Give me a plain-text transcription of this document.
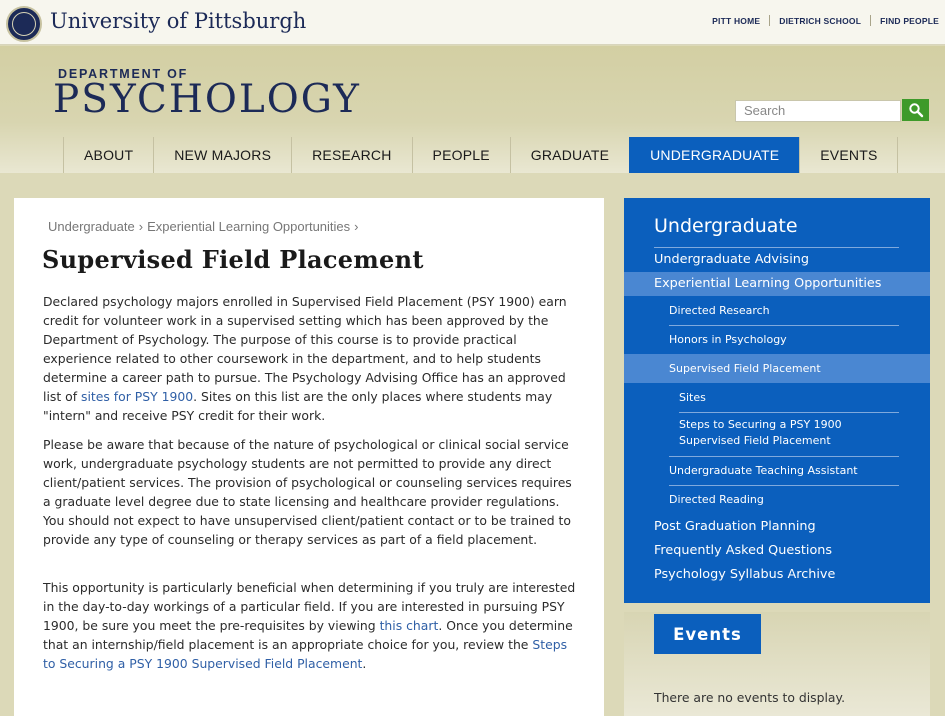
University of Pittsburgh	PITT HOME DIETRICH SCHOOL FIND PEOPLE
DEPARTMENT OF
PSYCHOLOGY	Search
ABOUT	NEW MAJORS	RESEARCH	PEOPLE	GRADUATE	UNDERGRADUATE	EVENTS
Undergraduate › Experiential Learning Opportunities ›
Supervised Field Placement

Declared psychology majors enrolled in Supervised Field Placement (PSY 1900) earn credit for volunteer work in a supervised setting which has been approved by the Department of Psychology. The purpose of this course is to provide practical experience related to other coursework in the department, and to help students determine a career path to pursue. The Psychology Advising Office has an approved list of sites for PSY 1900. Sites on this list are the only places where students may "intern" and receive PSY credit for their work.

Please be aware that because of the nature of psychological or clinical social service work, undergraduate psychology students are not permitted to provide any direct client/patient services. The provision of psychological or counseling services requires a graduate level degree due to state licensing and healthcare provider regulations. You should not expect to have unsupervised client/patient contact or to be trained to provide any type of counseling or therapy services as part of a field placement.

This opportunity is particularly beneficial when determining if you truly are interested in the day-to-day workings of a particular field. If you are interested in pursuing PSY 1900, be sure you meet the pre-requisites by viewing this chart. Once you determine that an internship/field placement is an appropriate choice for you, review the Steps to Securing a PSY 1900 Supervised Field Placement.

Undergraduate
Undergraduate Advising
Experiential Learning Opportunities
Directed Research
Honors in Psychology
Supervised Field Placement
Sites
Steps to Securing a PSY 1900 Supervised Field Placement
Undergraduate Teaching Assistant
Directed Reading
Post Graduation Planning
Frequently Asked Questions
Psychology Syllabus Archive
Events
There are no events to display.
